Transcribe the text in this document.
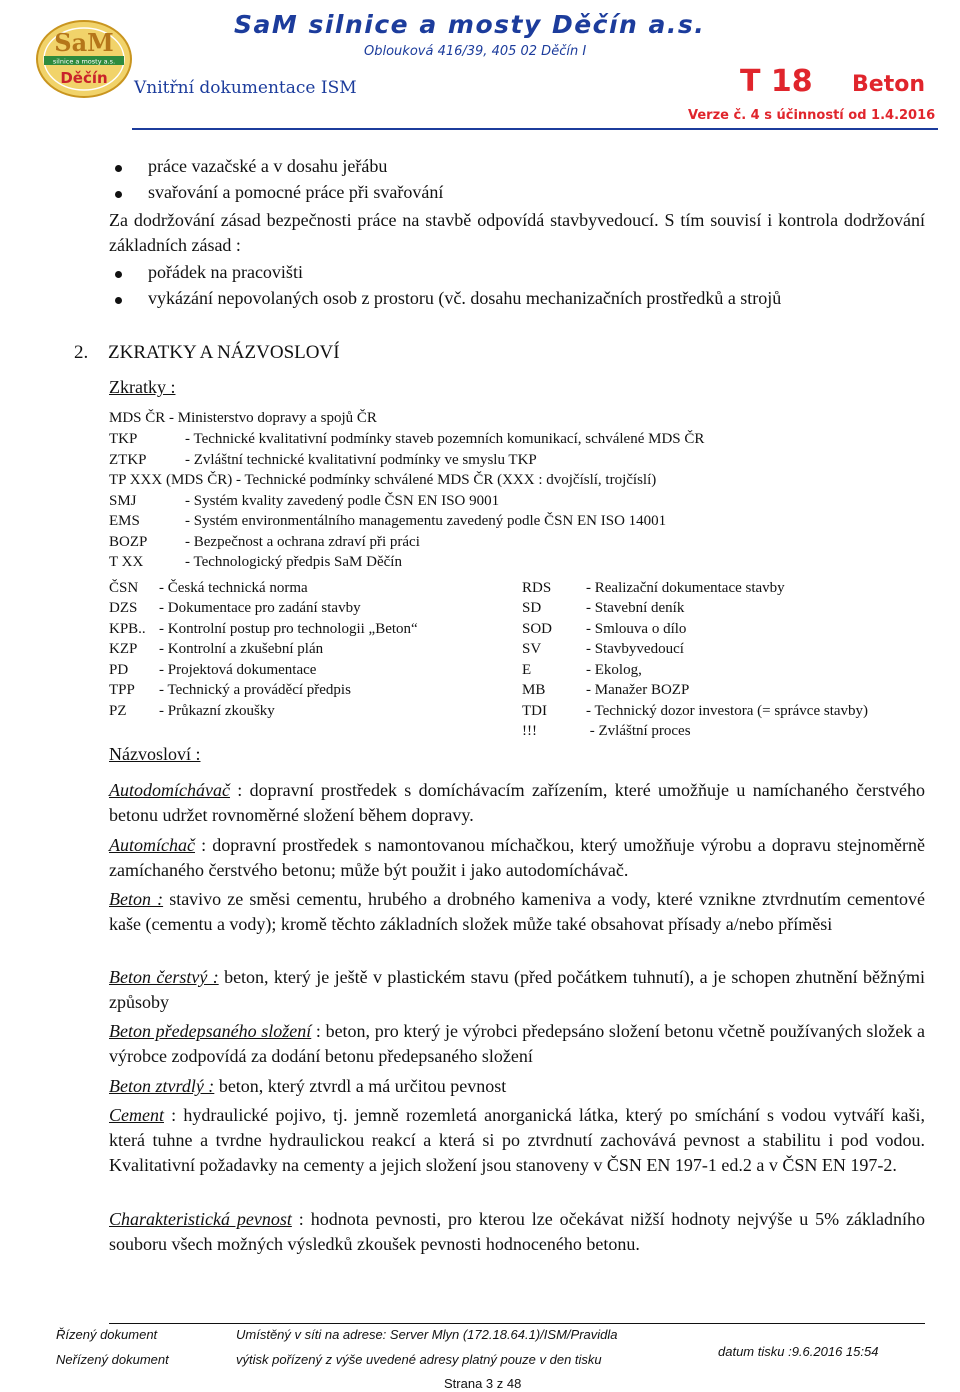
SaM
silnice a mosty a.s.
Děčín
SaM silnice a mosty Děčín a.s.
Oblouková 416/39, 405 02 Děčín I
Vnitřní dokumentace ISM	T 18 Beton
Verze č. 4 s účinností od 1.4.2016
práce vazačské a v dosahu jeřábu
svařování a pomocné práce při svařování
Za dodržování zásad bezpečnosti práce na stavbě odpovídá stavbyvedoucí. S tím souvisí i kontrola dodržování základních zásad :
pořádek na pracovišti
vykázání nepovolaných osob z prostoru (vč. dosahu mechanizačních prostředků a strojů
2. ZKRATKY A NÁZVOSLOVÍ
Zkratky :
MDS ČR - Ministerstvo dopravy a spojů ČR
TKP	- Technické kvalitativní podmínky staveb pozemních komunikací, schválené MDS ČR
ZTKP	- Zvláštní technické kvalitativní podmínky ve smyslu TKP
TP XXX (MDS ČR) - Technické podmínky schválené MDS ČR (XXX : dvojčíslí, trojčíslí)
SMJ	- Systém kvality zavedený podle ČSN EN ISO 9001
EMS	- Systém environmentálního managementu zavedený podle ČSN EN ISO 14001
BOZP	- Bezpečnost a ochrana zdraví při práci
T XX	- Technologický předpis SaM Děčín
ČSN - Česká technická norma
DZS - Dokumentace pro zadání stavby
KPB.. - Kontrolní postup pro technologii „Beton“
KZP - Kontrolní a zkušební plán
PD - Projektová dokumentace
TPP - Technický a prováděcí předpis
PZ - Průkazní zkoušky
RDS - Realizační dokumentace stavby
SD	- Stavební deník
SOD - Smlouva o dílo
SV	- Stavbyvedoucí
E	- Ekolog,
MB	- Manažer BOZP
TDI	- Technický dozor investora (= správce stavby)
!!!	- Zvláštní proces
Názvosloví :
Autodomíchávač : dopravní prostředek s domíchávacím zařízením, které umožňuje u namíchaného čerstvého betonu udržet rovnoměrné složení během dopravy.
Automíchač : dopravní prostředek s namontovanou míchačkou, který umožňuje výrobu a dopravu stejnoměrně zamíchaného čerstvého betonu; může být použit i jako autodomíchávač.
Beton : stavivo ze směsi cementu, hrubého a drobného kameniva a vody, které vznikne ztvrdnutím cementové kaše (cementu a vody); kromě těchto základních složek může také obsahovat přísady a/nebo příměsi
Beton čerstvý : beton, který je ještě v plastickém stavu (před počátkem tuhnutí), a je schopen zhutnění běžnými způsoby
Beton předepsaného složení : beton, pro který je výrobci předepsáno složení betonu včetně používaných složek a výrobce zodpovídá za dodání betonu předepsaného složení
Beton ztvrdlý : beton, který ztvrdl a má určitou pevnost
Cement : hydraulické pojivo, tj. jemně rozemletá anorganická látka, který po smíchání s vodou vytváří kaši, která tuhne a tvrdne hydraulickou reakcí a která si po ztvrdnutí zachovává pevnost a stabilitu i pod vodou. Kvalitativní požadavky na cementy a jejich složení jsou stanoveny v ČSN EN 197-1 ed.2 a v ČSN EN 197-2.
Charakteristická pevnost : hodnota pevnosti, pro kterou lze očekávat nižší hodnoty nejvýše u 5% základního souboru všech možných výsledků zkoušek pevnosti hodnoceného betonu.
Řízený dokument
Neřízený dokument
Umístěný v síti na adrese: Server Mlyn (172.18.64.1)/ISM/Pravidla
výtisk pořízený z výše uvedené adresy platný pouze v den tisku
datum tisku :9.6.2016 15:54
Strana 3 z 48
